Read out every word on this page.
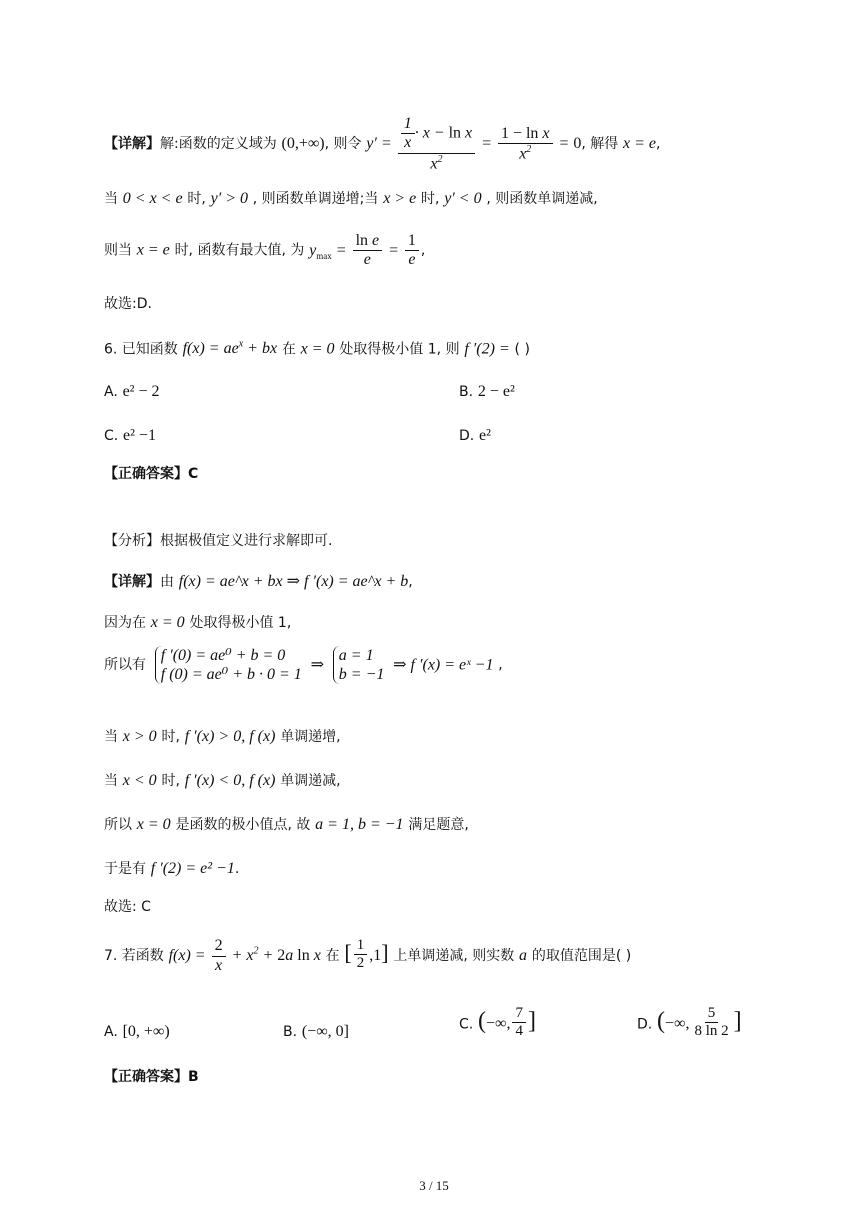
【详解】解:函数的定义域为 (0,+∞), 则令 $y' = \frac{\frac{1}{x} \cdot x - \ln x}{x^2} = \frac{\text{1 − ln x}}{x^2} = 0$, 解得 x = e,
当 0 < x < e 时, y′ > 0 , 则函数单调递增;当 x > e 时, y′ < 0 , 则函数单调递减,
则当 x = e 时, 函数有最大值, 为 $y_{max} = \frac{\text{ln e}}{e} = \frac{1}{e}$ ,
故选:D.
6. 已知函数 $f(x) = ae^x$ + bx 在 x = 0 处取得极小值 1, 则 f ′(2) = ( )
A. e² − 2	B. 2 − e²
C. e² −1	D. e²
【正确答案】C
【分析】根据极值定义进行求解即可.
【详解】由 f(x) = ae^x + bx ⇒ f ′(x) = ae^x + b,
因为在 x = 0 处取得极小值 1,
所以有
f ′(0) = ae⁰ + b = 0
f (0) = ae⁰ + b · 0 = 1
⇒
a = 1
b = −1
⇒ f ′(x) = eˣ −1 ,
当 x > 0 时, f ′(x) > 0, f (x) 单调递增,
当 x < 0 时, f ′(x) < 0, f (x) 单调递减,
所以 x = 0 是函数的极小值点, 故 a = 1, b = −1 满足题意,
于是有 f ′(2) = e² −1.
故选: C
7. 若函数 $f(x) = \frac{2}{x} + x^2 + 2a$ ln x 在 [ $\frac{1}{2} ,1$] 上单调递减, 则实数 a 的取值范围是( )
A. [0, +∞)	B. (−∞, 0]	C. (−∞, $\frac{7}{4}$ ]	D. (−∞, $\frac{5}{8 \ln 2}$ ]
【正确答案】B
3 / 15
